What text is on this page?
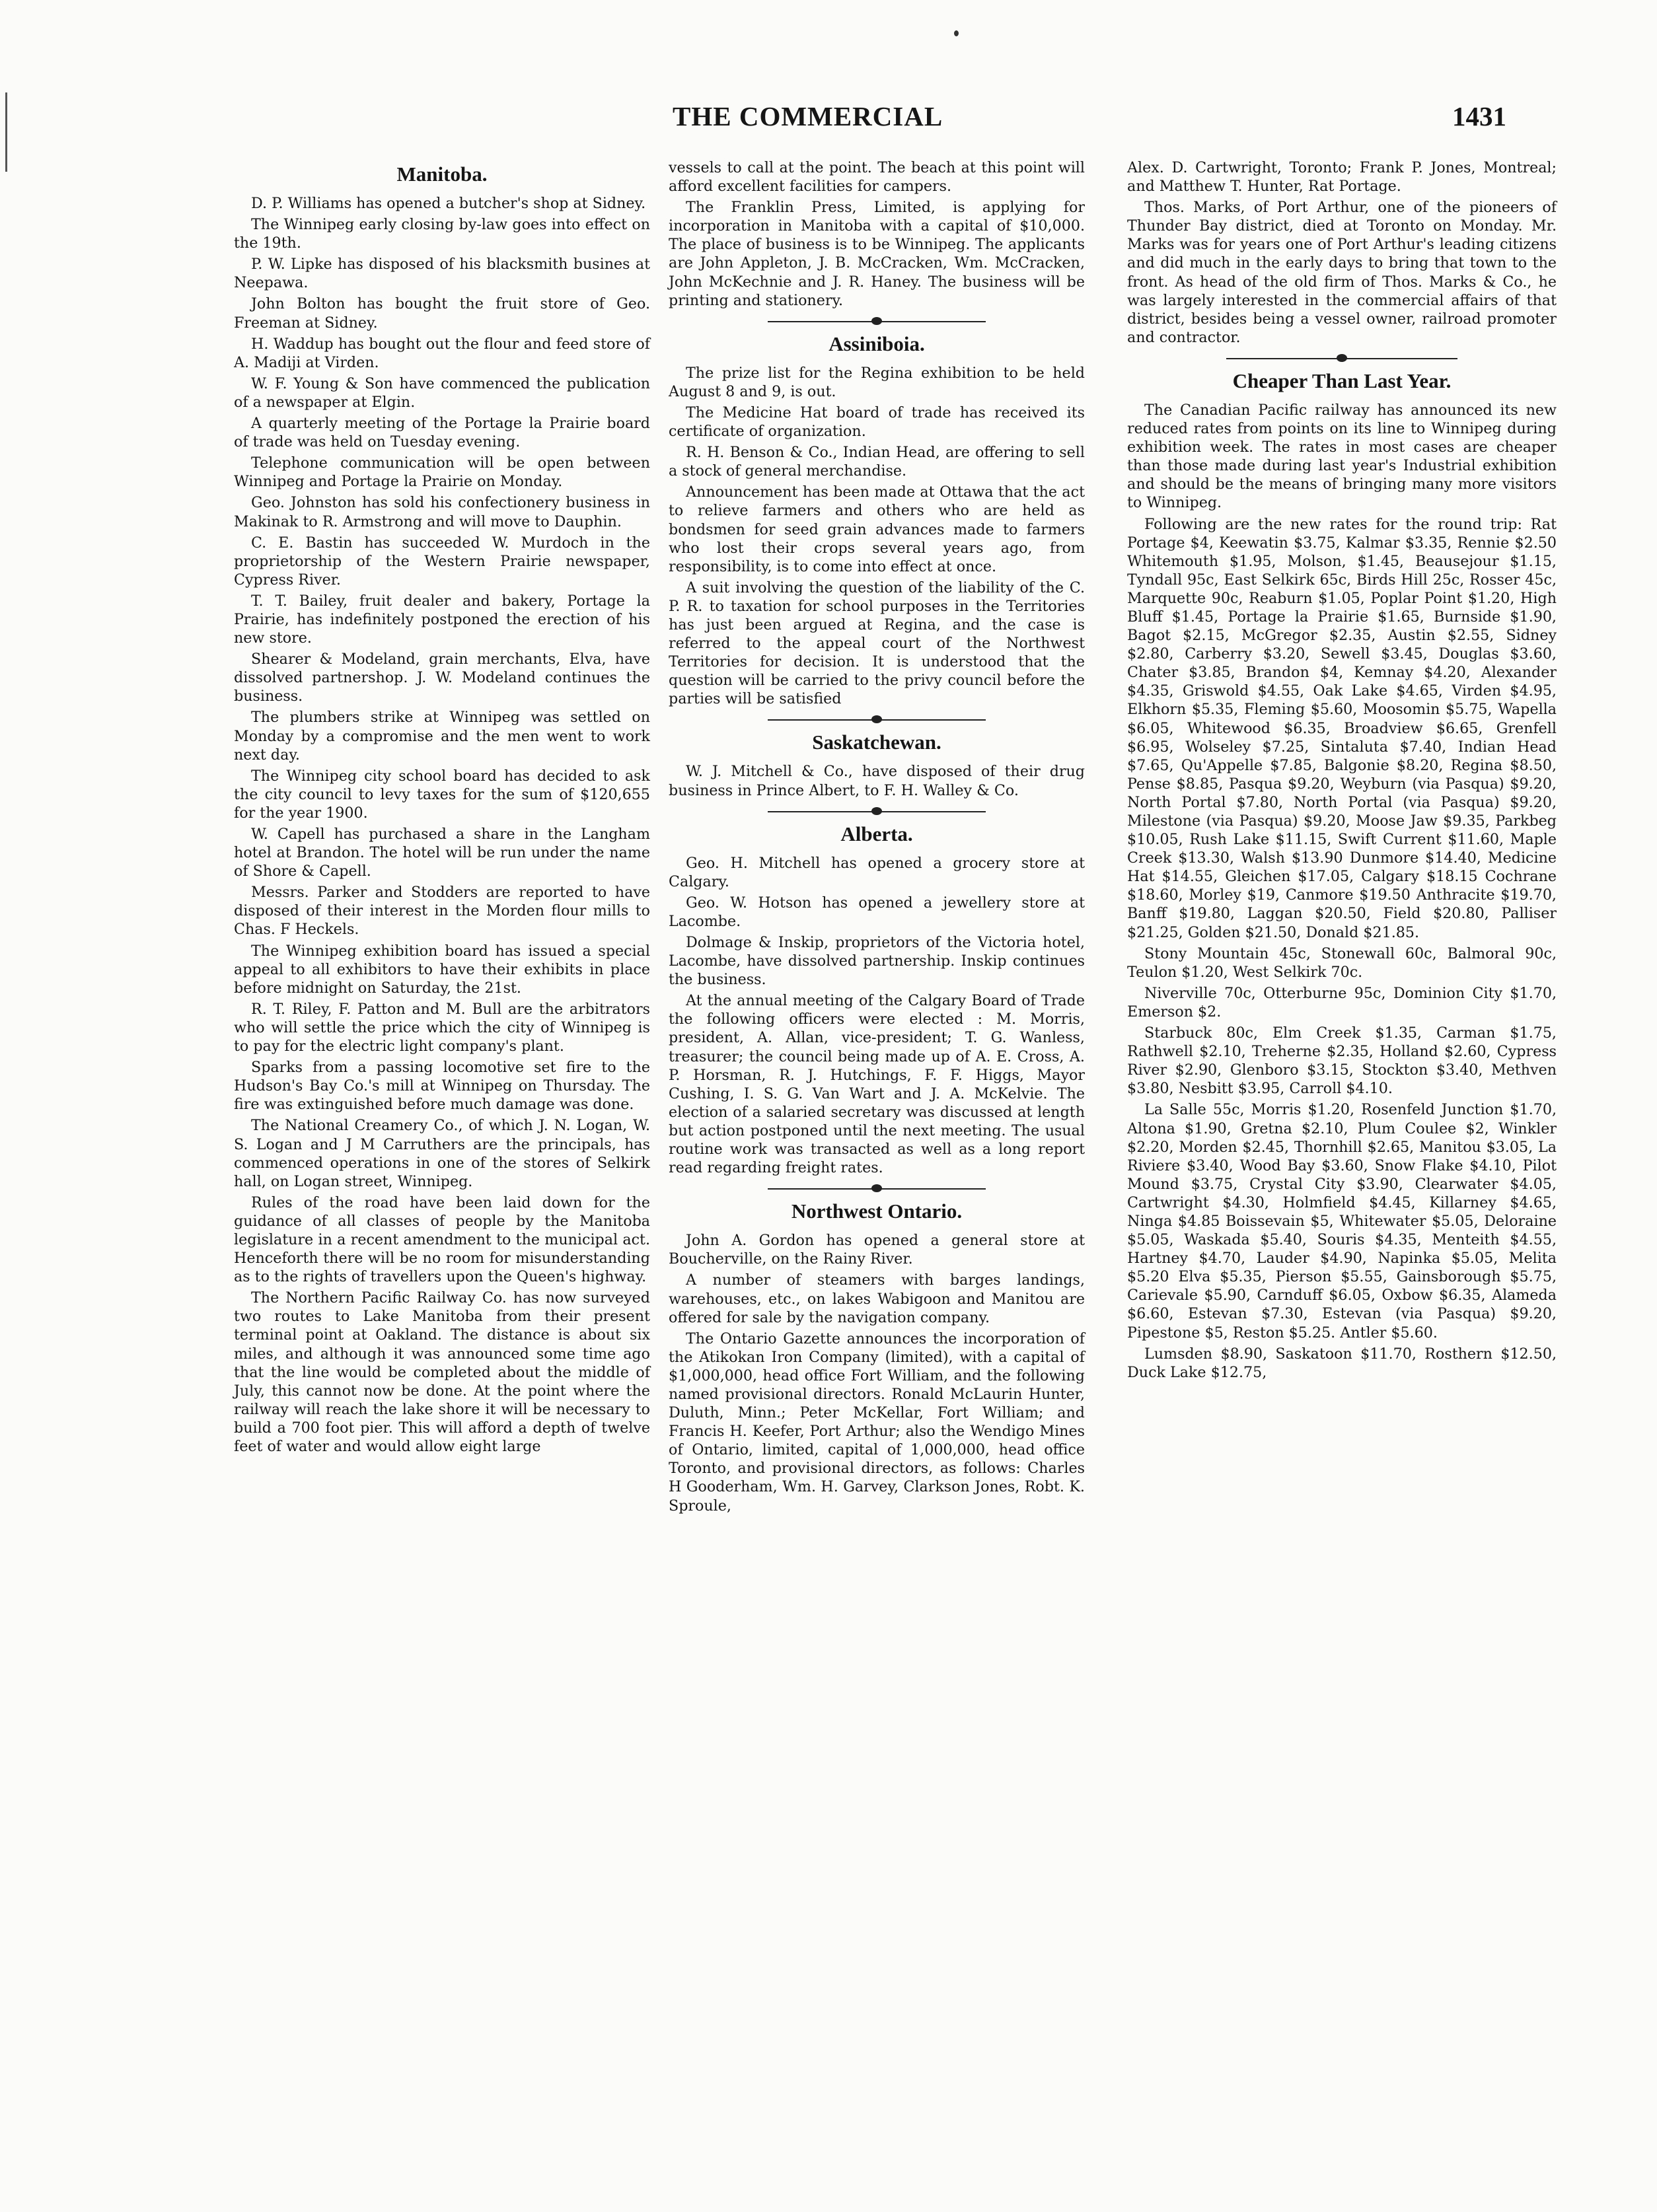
THE COMMERCIAL	1431
Manitoba.

D. P. Williams has opened a butcher's shop at Sidney.

The Winnipeg early closing by-law goes into effect on the 19th.

P. W. Lipke has disposed of his blacksmith busines at Neepawa.

John Bolton has bought the fruit store of Geo. Freeman at Sidney.

H. Waddup has bought out the flour and feed store of A. Madiji at Virden.

W. F. Young & Son have commenced the publication of a newspaper at Elgin.

A quarterly meeting of the Portage la Prairie board of trade was held on Tuesday evening.

Telephone communication will be open between Winnipeg and Portage la Prairie on Monday.

Geo. Johnston has sold his confectionery business in Makinak to R. Armstrong and will move to Dauphin.

C. E. Bastin has succeeded W. Murdoch in the proprietorship of the Western Prairie newspaper, Cypress River.

T. T. Bailey, fruit dealer and bakery, Portage la Prairie, has indefinitely postponed the erection of his new store.

Shearer & Modeland, grain merchants, Elva, have dissolved partnershop. J. W. Modeland continues the business.

The plumbers strike at Winnipeg was settled on Monday by a compromise and the men went to work next day.

The Winnipeg city school board has decided to ask the city council to levy taxes for the sum of $120,655 for the year 1900.

W. Capell has purchased a share in the Langham hotel at Brandon. The hotel will be run under the name of Shore & Capell.

Messrs. Parker and Stodders are reported to have disposed of their interest in the Morden flour mills to Chas. F Heckels.

The Winnipeg exhibition board has issued a special appeal to all exhibitors to have their exhibits in place before midnight on Saturday, the 21st.

R. T. Riley, F. Patton and M. Bull are the arbitrators who will settle the price which the city of Winnipeg is to pay for the electric light company's plant.

Sparks from a passing locomotive set fire to the Hudson's Bay Co.'s mill at Winnipeg on Thursday. The fire was extinguished before much damage was done.

The National Creamery Co., of which J. N. Logan, W. S. Logan and J M Carruthers are the principals, has commenced operations in one of the stores of Selkirk hall, on Logan street, Winnipeg.

Rules of the road have been laid down for the guidance of all classes of people by the Manitoba legislature in a recent amendment to the municipal act. Henceforth there will be no room for misunderstanding as to the rights of travellers upon the Queen's highway.

The Northern Pacific Railway Co. has now surveyed two routes to Lake Manitoba from their present terminal point at Oakland. The distance is about six miles, and although it was announced some time ago that the line would be completed about the middle of July, this cannot now be done. At the point where the railway will reach the lake shore it will be necessary to build a 700 foot pier. This will afford a depth of twelve feet of water and would allow eight large

vessels to call at the point. The beach at this point will afford excellent facilities for campers.

The Franklin Press, Limited, is applying for incorporation in Manitoba with a capital of $10,000. The place of business is to be Winnipeg. The applicants are John Appleton, J. B. McCracken, Wm. McCracken, John McKechnie and J. R. Haney. The business will be printing and stationery.

Assiniboia.

The prize list for the Regina exhibition to be held August 8 and 9, is out.

The Medicine Hat board of trade has received its certificate of organization.

R. H. Benson & Co., Indian Head, are offering to sell a stock of general merchandise.

Announcement has been made at Ottawa that the act to relieve farmers and others who are held as bondsmen for seed grain advances made to farmers who lost their crops several years ago, from responsibility, is to come into effect at once.

A suit involving the question of the liability of the C. P. R. to taxation for school purposes in the Territories has just been argued at Regina, and the case is referred to the appeal court of the Northwest Territories for decision. It is understood that the question will be carried to the privy council before the parties will be satisfied

Saskatchewan.

W. J. Mitchell & Co., have disposed of their drug business in Prince Albert, to F. H. Walley & Co.

Alberta.

Geo. H. Mitchell has opened a grocery store at Calgary.

Geo. W. Hotson has opened a jewellery store at Lacombe.

Dolmage & Inskip, proprietors of the Victoria hotel, Lacombe, have dissolved partnership. Inskip continues the business.

At the annual meeting of the Calgary Board of Trade the following officers were elected : M. Morris, president, A. Allan, vice-president; T. G. Wanless, treasurer; the council being made up of A. E. Cross, A. P. Horsman, R. J. Hutchings, F. F. Higgs, Mayor Cushing, I. S. G. Van Wart and J. A. McKelvie. The election of a salaried secretary was discussed at length but action postponed until the next meeting. The usual routine work was transacted as well as a long report read regarding freight rates.

Northwest Ontario.

John A. Gordon has opened a general store at Boucherville, on the Rainy River.

A number of steamers with barges landings, warehouses, etc., on lakes Wabigoon and Manitou are offered for sale by the navigation company.

The Ontario Gazette announces the incorporation of the Atikokan Iron Company (limited), with a capital of $1,000,000, head office Fort William, and the following named provisional directors. Ronald McLaurin Hunter, Duluth, Minn.; Peter McKellar, Fort William; and Francis H. Keefer, Port Arthur; also the Wendigo Mines of Ontario, limited, capital of 1,000,000, head office Toronto, and provisional directors, as follows: Charles H Gooderham, Wm. H. Garvey, Clarkson Jones, Robt. K. Sproule,

Alex. D. Cartwright, Toronto; Frank P. Jones, Montreal; and Matthew T. Hunter, Rat Portage.

Thos. Marks, of Port Arthur, one of the pioneers of Thunder Bay district, died at Toronto on Monday. Mr. Marks was for years one of Port Arthur's leading citizens and did much in the early days to bring that town to the front. As head of the old firm of Thos. Marks & Co., he was largely interested in the commercial affairs of that district, besides being a vessel owner, railroad promoter and contractor.

Cheaper Than Last Year.

The Canadian Pacific railway has announced its new reduced rates from points on its line to Winnipeg during exhibition week. The rates in most cases are cheaper than those made during last year's Industrial exhibition and should be the means of bringing many more visitors to Winnipeg.

Following are the new rates for the round trip: Rat Portage $4, Keewatin $3.75, Kalmar $3.35, Rennie $2.50 Whitemouth $1.95, Molson, $1.45, Beausejour $1.15, Tyndall 95c, East Selkirk 65c, Birds Hill 25c, Rosser 45c, Marquette 90c, Reaburn $1.05, Poplar Point $1.20, High Bluff $1.45, Portage la Prairie $1.65, Burnside $1.90, Bagot $2.15, McGregor $2.35, Austin $2.55, Sidney $2.80, Carberry $3.20, Sewell $3.45, Douglas $3.60, Chater $3.85, Brandon $4, Kemnay $4.20, Alexander $4.35, Griswold $4.55, Oak Lake $4.65, Virden $4.95, Elkhorn $5.35, Fleming $5.60, Moosomin $5.75, Wapella $6.05, Whitewood $6.35, Broadview $6.65, Grenfell $6.95, Wolseley $7.25, Sintaluta $7.40, Indian Head $7.65, Qu'Appelle $7.85, Balgonie $8.20, Regina $8.50, Pense $8.85, Pasqua $9.20, Weyburn (via Pasqua) $9.20, North Portal $7.80, North Portal (via Pasqua) $9.20, Milestone (via Pasqua) $9.20, Moose Jaw $9.35, Parkbeg $10.05, Rush Lake $11.15, Swift Current $11.60, Maple Creek $13.30, Walsh $13.90 Dunmore $14.40, Medicine Hat $14.55, Gleichen $17.05, Calgary $18.15 Cochrane $18.60, Morley $19, Canmore $19.50 Anthracite $19.70, Banff $19.80, Laggan $20.50, Field $20.80, Palliser $21.25, Golden $21.50, Donald $21.85.

Stony Mountain 45c, Stonewall 60c, Balmoral 90c, Teulon $1.20, West Selkirk 70c.

Niverville 70c, Otterburne 95c, Dominion City $1.70, Emerson $2.

Starbuck 80c, Elm Creek $1.35, Carman $1.75, Rathwell $2.10, Treherne $2.35, Holland $2.60, Cypress River $2.90, Glenboro $3.15, Stockton $3.40, Methven $3.80, Nesbitt $3.95, Carroll $4.10.

La Salle 55c, Morris $1.20, Rosenfeld Junction $1.70, Altona $1.90, Gretna $2.10, Plum Coulee $2, Winkler $2.20, Morden $2.45, Thornhill $2.65, Manitou $3.05, La Riviere $3.40, Wood Bay $3.60, Snow Flake $4.10, Pilot Mound $3.75, Crystal City $3.90, Clearwater $4.05, Cartwright $4.30, Holmfield $4.45, Killarney $4.65, Ninga $4.85 Boissevain $5, Whitewater $5.05, Deloraine $5.05, Waskada $5.40, Souris $4.35, Menteith $4.55, Hartney $4.70, Lauder $4.90, Napinka $5.05, Melita $5.20 Elva $5.35, Pierson $5.55, Gainsborough $5.75, Carievale $5.90, Carnduff $6.05, Oxbow $6.35, Alameda $6.60, Estevan $7.30, Estevan (via Pasqua) $9.20, Pipestone $5, Reston $5.25. Antler $5.60.

Lumsden $8.90, Saskatoon $11.70, Rosthern $12.50, Duck Lake $12.75,
